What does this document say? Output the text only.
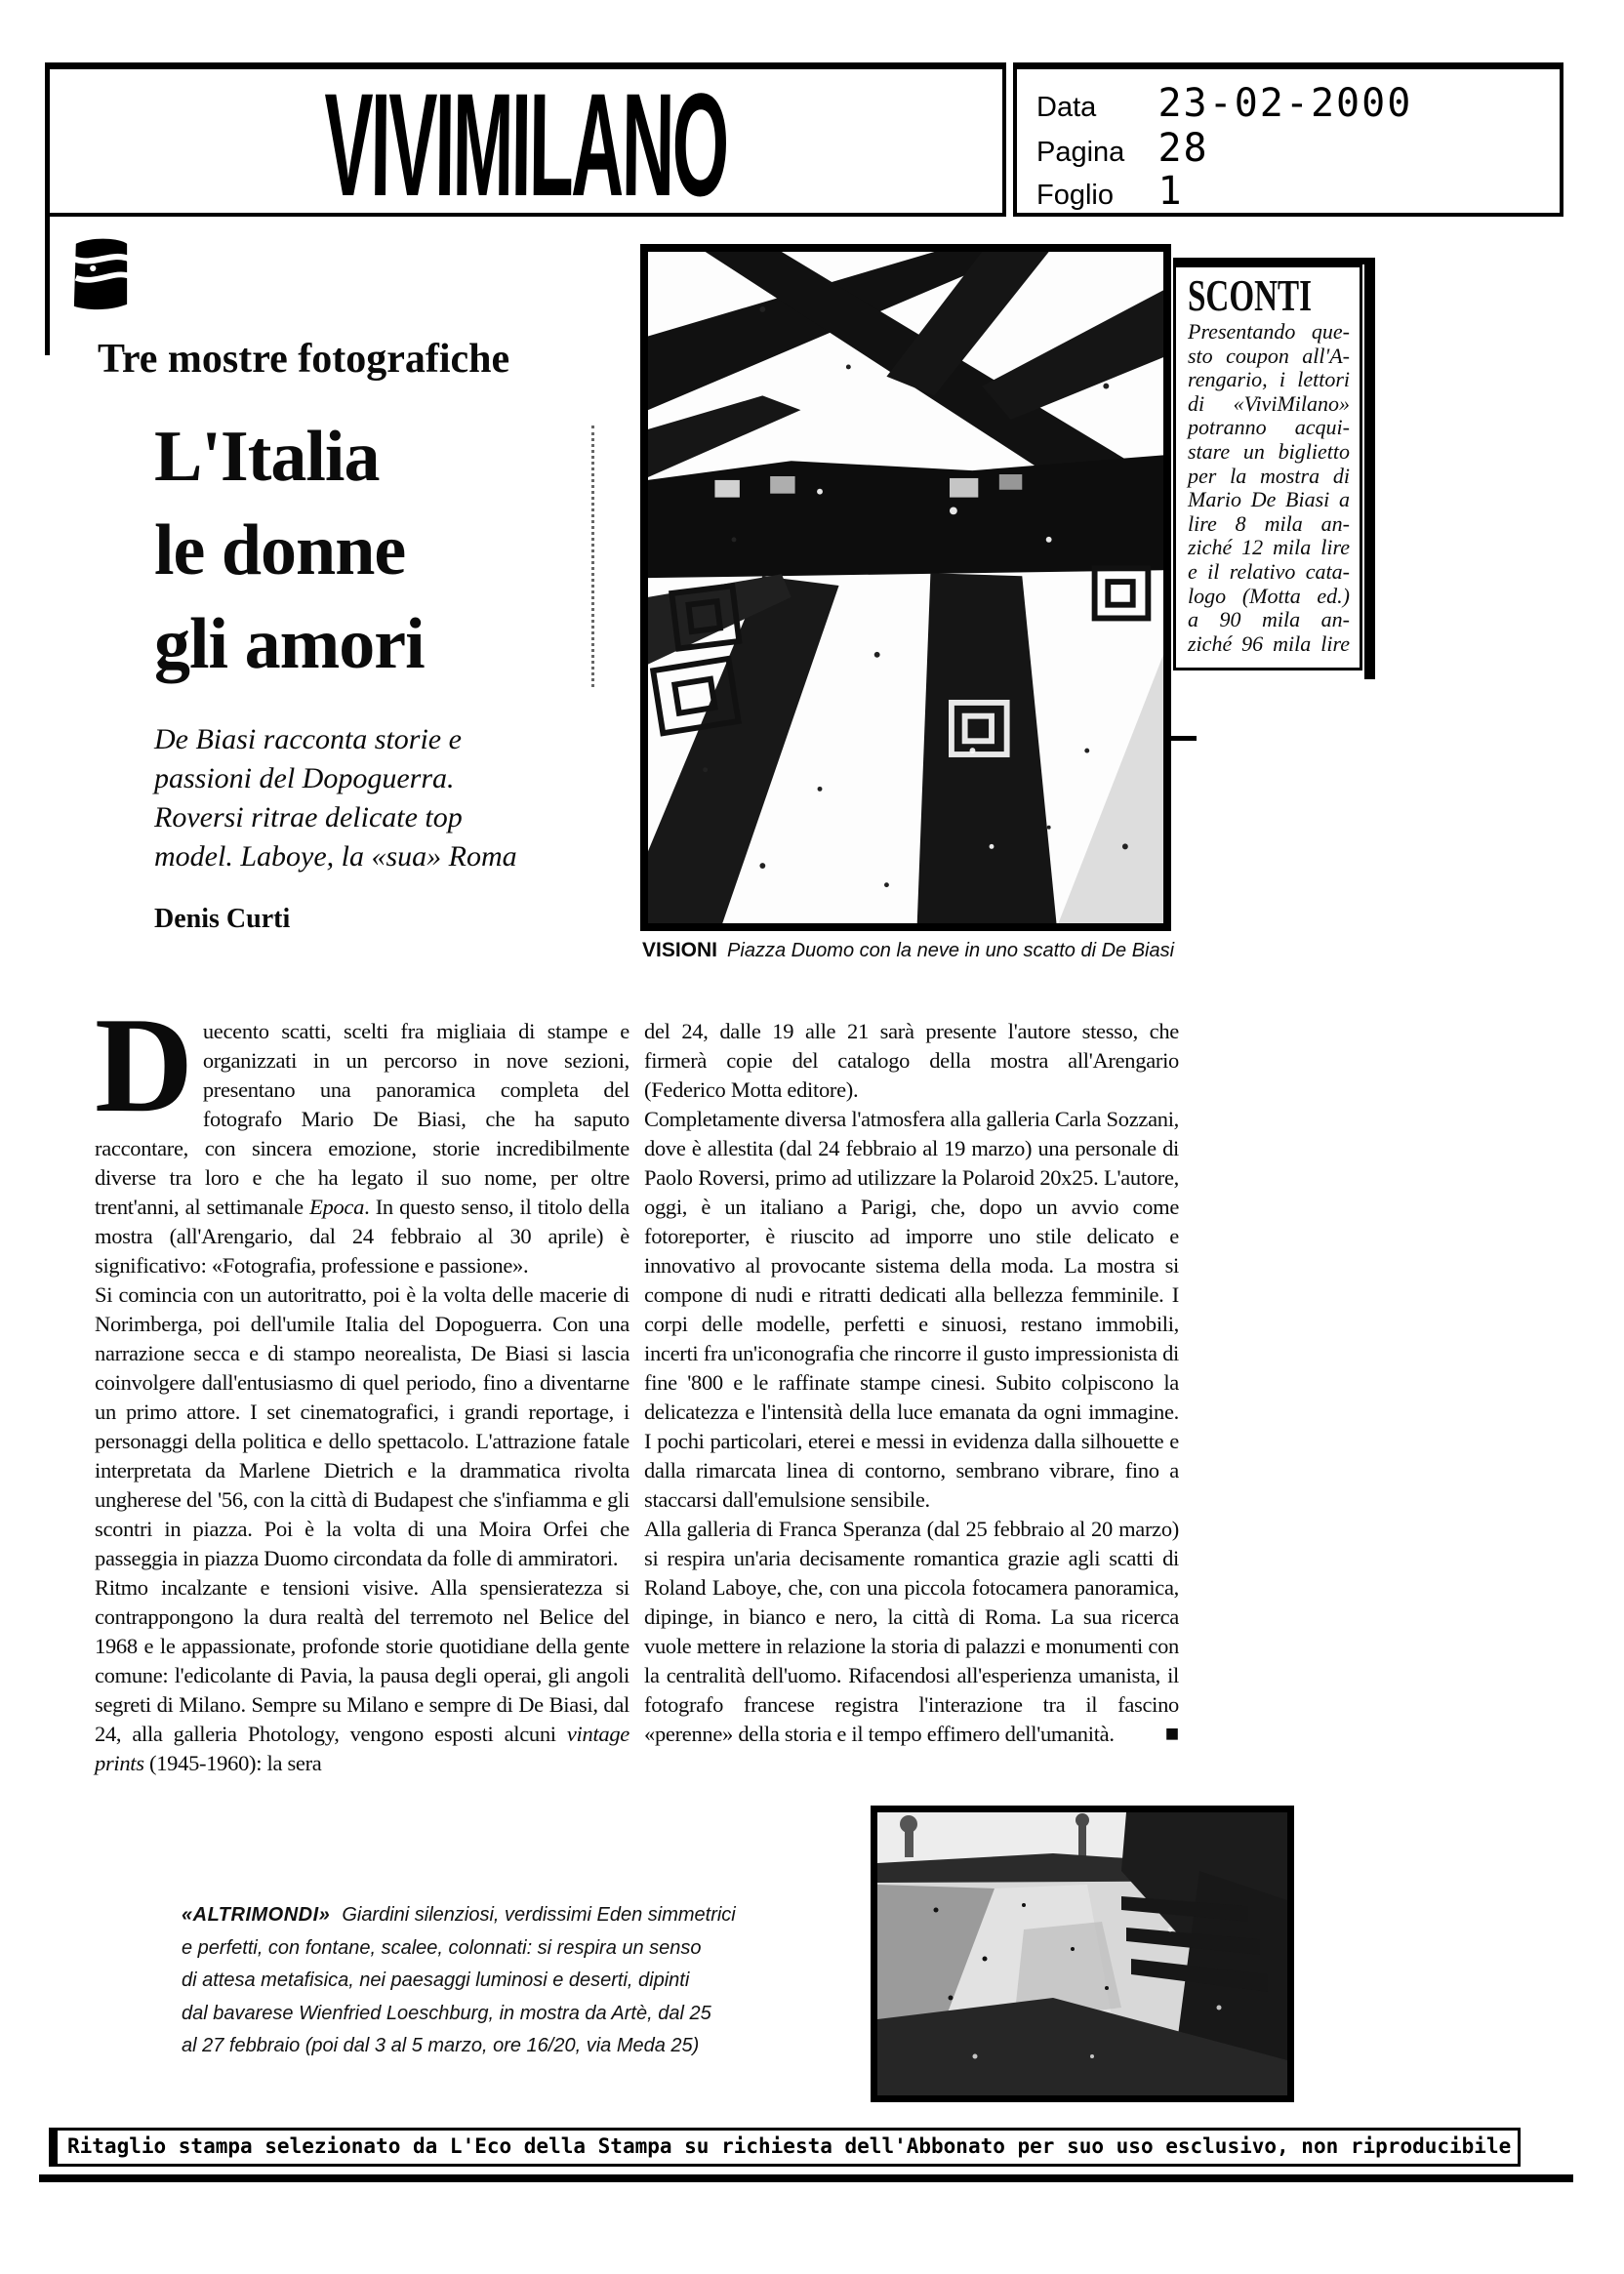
VIVIMILANO	Data 23-02-2000
Pagina 28
Foglio 1
Tre mostre fotografiche
L'Italia
le donne
gli amori
De Biasi racconta storie e
passioni del Dopoguerra.
Roversi ritrae delicate top
model. Laboye, la «sua» Roma
Denis Curti
VISIONI Piazza Duomo con la neve in uno scatto di De Biasi
SCONTI
Presentando que-
sto coupon all'A-
rengario, i lettori
di «ViviMilano»
potranno acqui-
stare un biglietto
per la mostra di
Mario De Biasi a
lire 8 mila an-
ziché 12 mila lire
e il relativo cata-
logo (Motta ed.)
a 90 mila an-
ziché 96 mila lire

Duecento scatti, scelti fra migliaia di stampe e organizzati in un percorso in nove sezioni, presentano una panoramica completa del fotografo Mario De Biasi, che ha saputo raccontare, con sincera emozione, storie incredibilmente diverse tra loro e che ha legato il suo nome, per oltre trent'anni, al settimanale Epoca. In questo senso, il titolo della mostra (all'Arengario, dal 24 febbraio al 30 aprile) è significativo: «Fotografia, professione e passione».

Si comincia con un autoritratto, poi è la volta delle macerie di Norimberga, poi dell'umile Italia del Dopoguerra. Con una narrazione secca e di stampo neorealista, De Biasi si lascia coinvolgere dall'entusiasmo di quel periodo, fino a diventarne un primo attore. I set cinematografici, i grandi reportage, i personaggi della politica e dello spettacolo. L'attrazione fatale interpretata da Marlene Dietrich e la drammatica rivolta ungherese del '56, con la città di Budapest che s'infiamma e gli scontri in piazza. Poi è la volta di una Moira Orfei che passeggia in piazza Duomo circondata da folle di ammiratori.

Ritmo incalzante e tensioni visive. Alla spensieratezza si contrappongono la dura realtà del terremoto nel Belice del 1968 e le appassionate, profonde storie quotidiane della gente comune: l'edicolante di Pavia, la pausa degli operai, gli angoli segreti di Milano. Sempre su Milano e sempre di De Biasi, dal 24, alla galleria Photology, vengono esposti alcuni vintage prints (1945-1960): la sera

del 24, dalle 19 alle 21 sarà presente l'autore stesso, che firmerà copie del catalogo della mostra all'Arengario (Federico Motta editore).

Completamente diversa l'atmosfera alla galleria Carla Sozzani, dove è allestita (dal 24 febbraio al 19 marzo) una personale di Paolo Roversi, primo ad utilizzare la Polaroid 20x25. L'autore, oggi, è un italiano a Parigi, che, dopo un avvio come fotoreporter, è riuscito ad imporre uno stile delicato e innovativo al provocante sistema della moda. La mostra si compone di nudi e ritratti dedicati alla bellezza femminile. I corpi delle modelle, perfetti e sinuosi, restano immobili, incerti fra un'iconografia che rincorre il gusto impressionista di fine '800 e le raffinate stampe cinesi. Subito colpiscono la delicatezza e l'intensità della luce emanata da ogni immagine. I pochi particolari, eterei e messi in evidenza dalla silhouette e dalla rimarcata linea di contorno, sembrano vibrare, fino a staccarsi dall'emulsione sensibile.

Alla galleria di Franca Speranza (dal 25 febbraio al 20 marzo) si respira un'aria decisamente romantica grazie agli scatti di Roland Laboye, che, con una piccola fotocamera panoramica, dipinge, in bianco e nero, la città di Roma. La sua ricerca vuole mettere in relazione la storia di palazzi e monumenti con la centralità dell'uomo. Rifacendosi all'esperienza umanista, il fotografo francese registra l'interazione tra il fascino «perenne» della storia e il tempo effimero dell'umanità. ■

«ALTRIMONDI» Giardini silenziosi, verdissimi Eden simmetrici
e perfetti, con fontane, scalee, colonnati: si respira un senso
di attesa metafisica, nei paesaggi luminosi e deserti, dipinti
dal bavarese Wienfried Loeschburg, in mostra da Artè, dal 25
al 27 febbraio (poi dal 3 al 5 marzo, ore 16/20, via Meda 25)
Ritaglio stampa selezionato da L'Eco della Stampa su richiesta dell'Abbonato per suo uso esclusivo, non riproducibile
